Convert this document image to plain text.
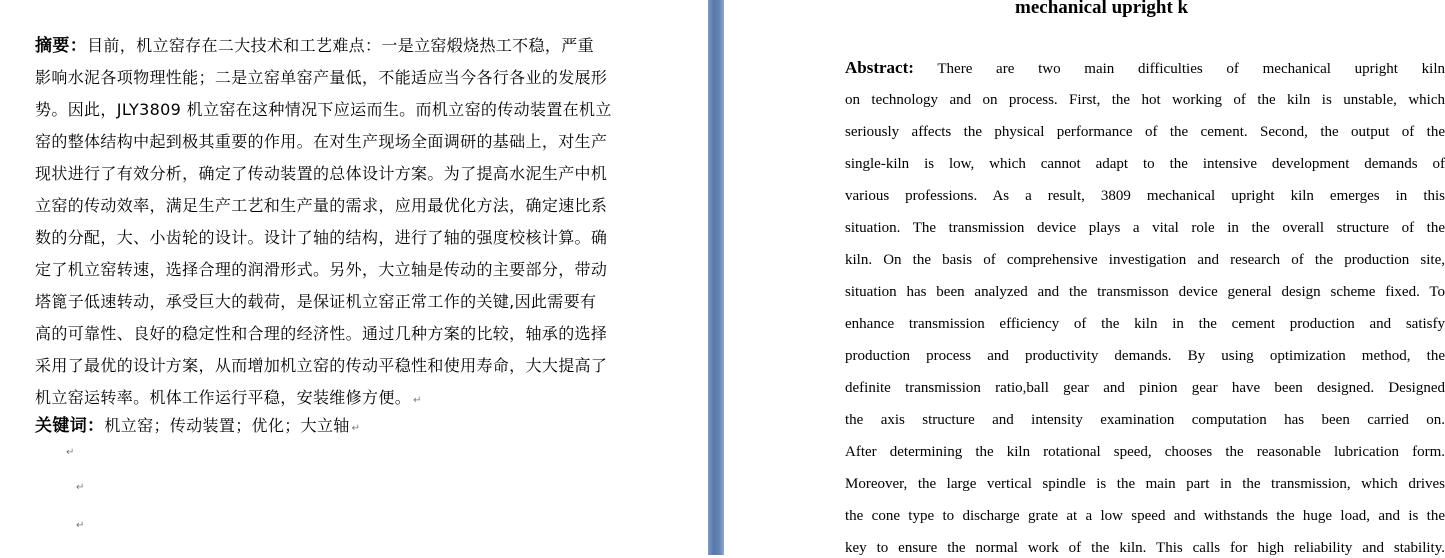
摘要：目前，机立窑存在二大技术和工艺难点：一是立窑煅烧热工不稳，严重
影响水泥各项物理性能；二是立窑单窑产量低，不能适应当今各行各业的发展形
势。因此，JLY3809 机立窑在这种情况下应运而生。而机立窑的传动装置在机立
窑的整体结构中起到极其重要的作用。在对生产现场全面调研的基础上，对生产
现状进行了有效分析，确定了传动装置的总体设计方案。为了提高水泥生产中机
立窑的传动效率，满足生产工艺和生产量的需求，应用最优化方法，确定速比系
数的分配，大、小齿轮的设计。设计了轴的结构，进行了轴的强度校核计算。确
定了机立窑转速，选择合理的润滑形式。另外，大立轴是传动的主要部分，带动
塔篦子低速转动，承受巨大的载荷，是保证机立窑正常工作的关键,因此需要有
高的可靠性、良好的稳定性和合理的经济性。通过几种方案的比较，轴承的选择
采用了最优的设计方案，从而增加机立窑的传动平稳性和使用寿命，大大提高了
机立窑运转率。机体工作运行平稳，安装维修方便。 ↵
关键词：机立窑；传动装置；优化；大立轴 ↵
↵
↵
↵
mechanical upright k
Abstract: There are two main difficulties of mechanical upright kiln
on technology and on process. First, the hot working of the kiln is unstable, which
seriously affects the physical performance of the cement. Second, the output of the
single-kiln is low, which cannot adapt to the intensive development demands of
various professions. As a result, 3809 mechanical upright kiln emerges in this
situation. The transmission device plays a vital role in the overall structure of the
kiln. On the basis of comprehensive investigation and research of the production site,
situation has been analyzed and the transmisson device general design scheme fixed. To
enhance transmission efficiency of the kiln in the cement production and satisfy
production process and productivity demands. By using optimization method, the
definite transmission ratio,ball gear and pinion gear have been designed. Designed
the axis structure and intensity examination computation has been carried on.
After determining the kiln rotational speed, chooses the reasonable lubrication form.
Moreover, the large vertical spindle is the main part in the transmission, which drives
the cone type to discharge grate at a low speed and withstands the huge load, and is the
key to ensure the normal work of the kiln. This calls for high reliability and stability.
